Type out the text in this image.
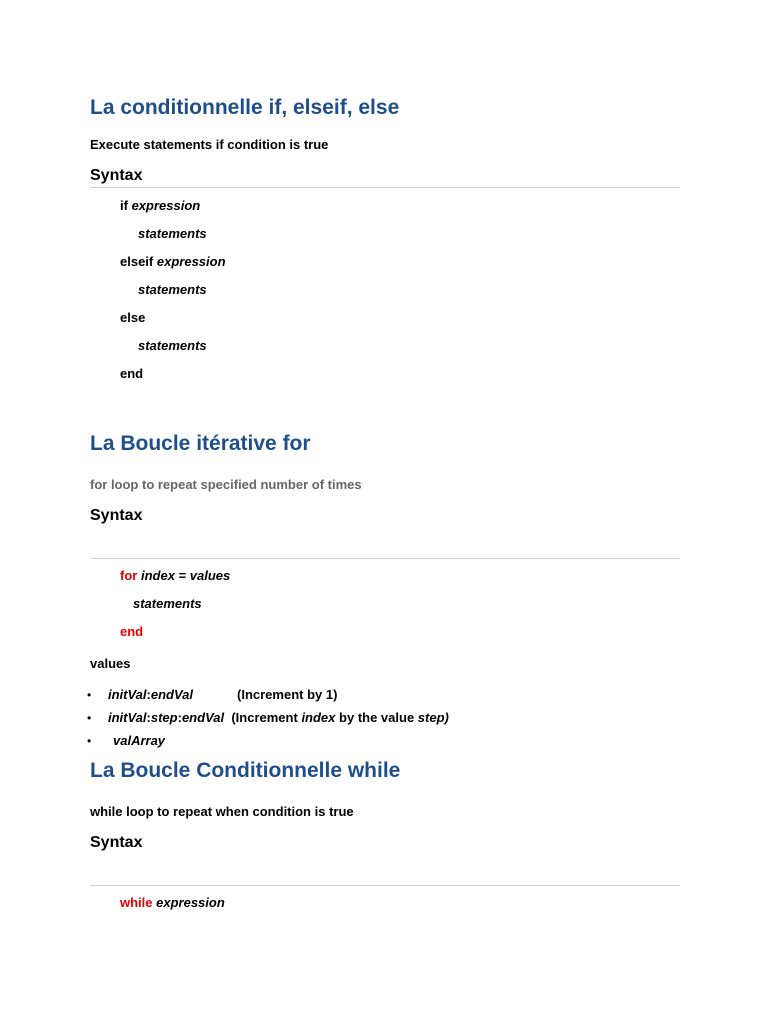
La conditionnelle if, elseif, else
Execute statements if condition is true
Syntax
if expression
statements
elseif expression
statements
else
statements
end
La Boucle itérative for
for loop to repeat specified number of times
Syntax
for index = values
statements
end
values
• initVal:endVal	(Increment by 1)
• initVal:step:endVal (Increment index by the value step)
• valArray
La Boucle Conditionnelle while
while loop to repeat when condition is true
Syntax
while expression
